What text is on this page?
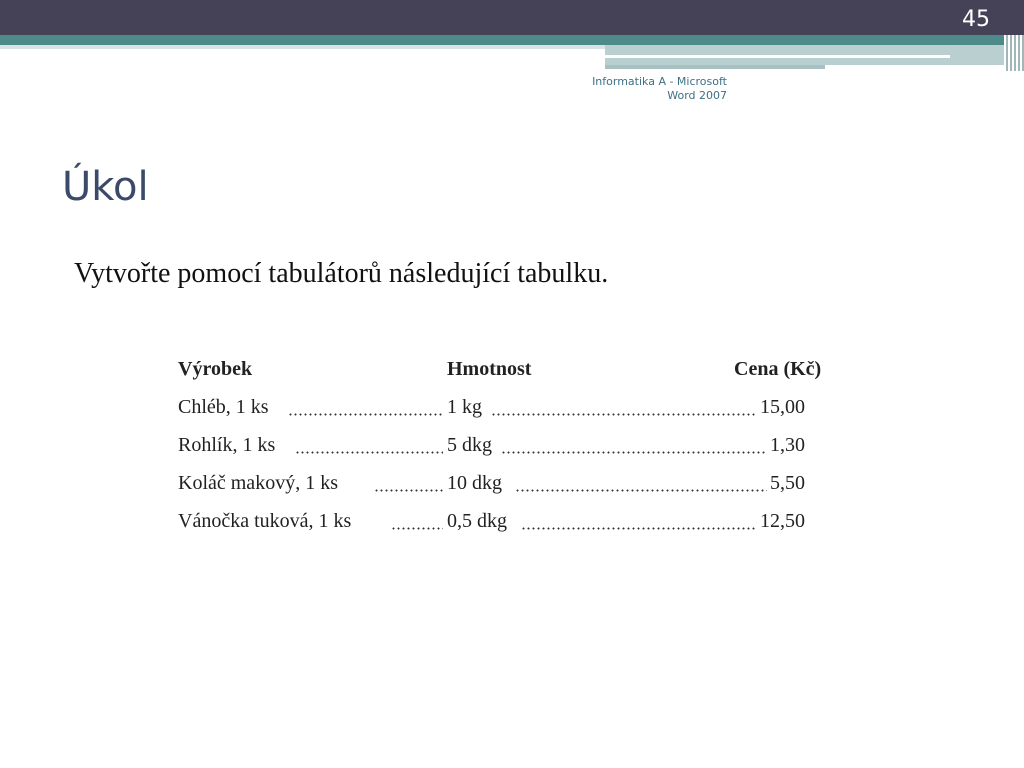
45
Informatika A - Microsoft Word 2007
Úkol

Vytvořte pomocí tabulátorů následující tabulku.

Výrobek	Hmotnost	Cena (Kč)
Chléb, 1 ks	1 kg	15,00
Rohlík, 1 ks	5 dkg	1,30
Koláč makový, 1 ks	10 dkg	5,50
Vánočka tuková, 1 ks	0,5 dkg	12,50
